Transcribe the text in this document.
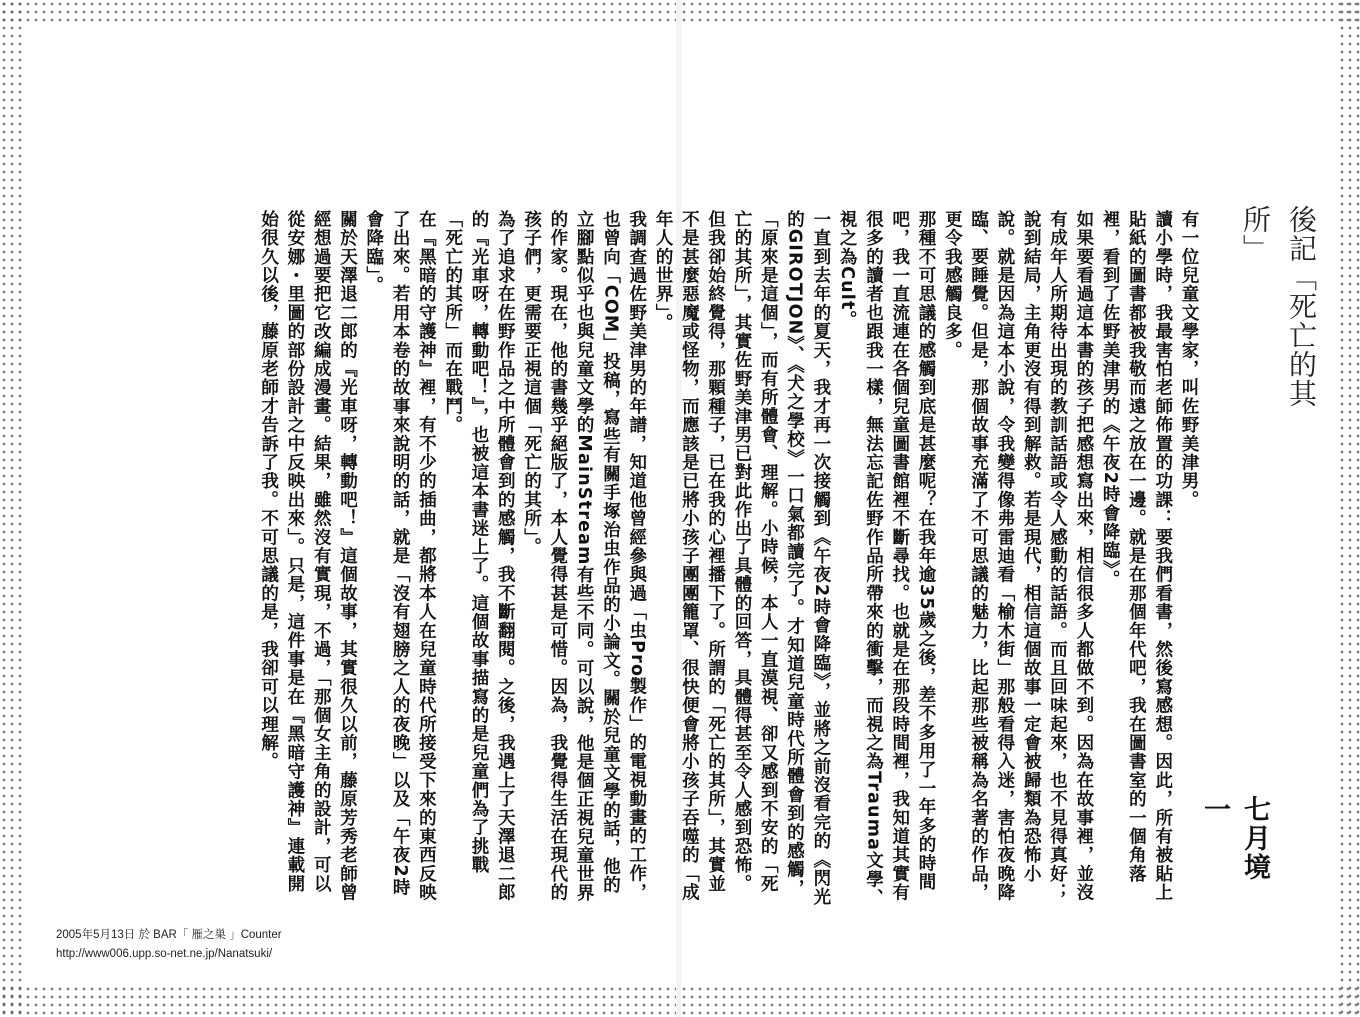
後記「死亡的其所」
七月境一

有一位兒童文學家，叫佐野美津男。

讀小學時，我最害怕老師佈置的功課：要我們看書，然後寫感想。因此，所有被貼上貼紙的圖書都被我敬而遠之放在一邊。就是在那個年代吧，我在圖書室的一個角落裡，看到了佐野美津男的《午夜2時會降臨》。

如果要看過這本書的孩子把感想寫出來，相信很多人都做不到。因為在故事裡，並沒有成年人所期待出現的教訓話語或令人感動的話語。而且回味起來，也不見得真好；說到結局，主角更沒有得到解救。若是現代，相信這個故事一定會被歸類為恐怖小說。就是因為這本小說，令我變得像弗雷迪看「榆木街」那般看得入迷，害怕夜晚降臨、要睡覺。但是，那個故事充滿了不可思議的魅力，比起那些被稱為名著的作品，更令我感觸良多。

那種不可思議的感觸到底是甚麼呢？在我年逾35歲之後，差不多用了一年多的時間吧，我一直流連在各個兒童圖書館裡不斷尋找。也就是在那段時間裡，我知道其實有很多的讀者也跟我一樣，無法忘記佐野作品所帶來的衝擊，而視之為Trauma文學、視之為Cult。

一直到去年的夏天，我才再一次接觸到《午夜2時會降臨》，並將之前沒看完的《閃光的GIROTJON》、《犬之學校》一口氣都讀完了。才知道兒童時代所體會到的感觸，「原來是這個」，而有所體會、理解。小時候，本人一直漠視、卻又感到不安的「死亡的其所」，其實佐野美津男已對此作出了具體的回答，具體得甚至令人感到恐怖。但我卻始終覺得，那顆種子，已在我的心裡播下了。所謂的「死亡的其所」，其實並不是甚麼惡魔或怪物，而應該是已將小孩子團團籠罩、很快便會將小孩子吞噬的「成年人的世界」。

我調查過佐野美津男的年譜，知道他曾經參與過「虫Pro製作」的電視動畫的工作，也曾向「COM」投稿，寫些有關手塚治虫作品的小論文。關於兒童文學的話，他的立腳點似乎也與兒童文學的MainStream有些不同。可以說，他是個正視兒童世界的作家。現在，他的書幾乎絕版了，本人覺得甚是可惜。因為，我覺得生活在現代的孩子們，更需要正視這個「死亡的其所」。

為了追求在佐野作品之中所體會到的感觸，我不斷翻閱。之後，我遇上了天澤退二郎的『光車呀，轉動吧！』，也被這本書迷上了。這個故事描寫的是兒童們為了挑戰「死亡的其所」而在戰鬥。

在『黑暗的守護神』裡，有不少的插曲，都將本人在兒童時代所接受下來的東西反映了出來。若用本卷的故事來說明的話，就是「沒有翅膀之人的夜晚」以及「午夜2時會降臨」。

關於天澤退二郎的『光車呀，轉動吧！』這個故事，其實很久以前，藤原芳秀老師曾經想過要把它改編成漫畫。結果，雖然沒有實現，不過，「那個女主角的設計，可以從安娜・里圖的部份設計之中反映出來」。只是，這件事是在『黑暗守護神』連載開始很久以後，藤原老師才告訴了我。不可思議的是，我卻可以理解。

2005年5月13日 於 BAR「 雁之巣 」Counter
http://www006.upp.so-net.ne.jp/Nanatsuki/
